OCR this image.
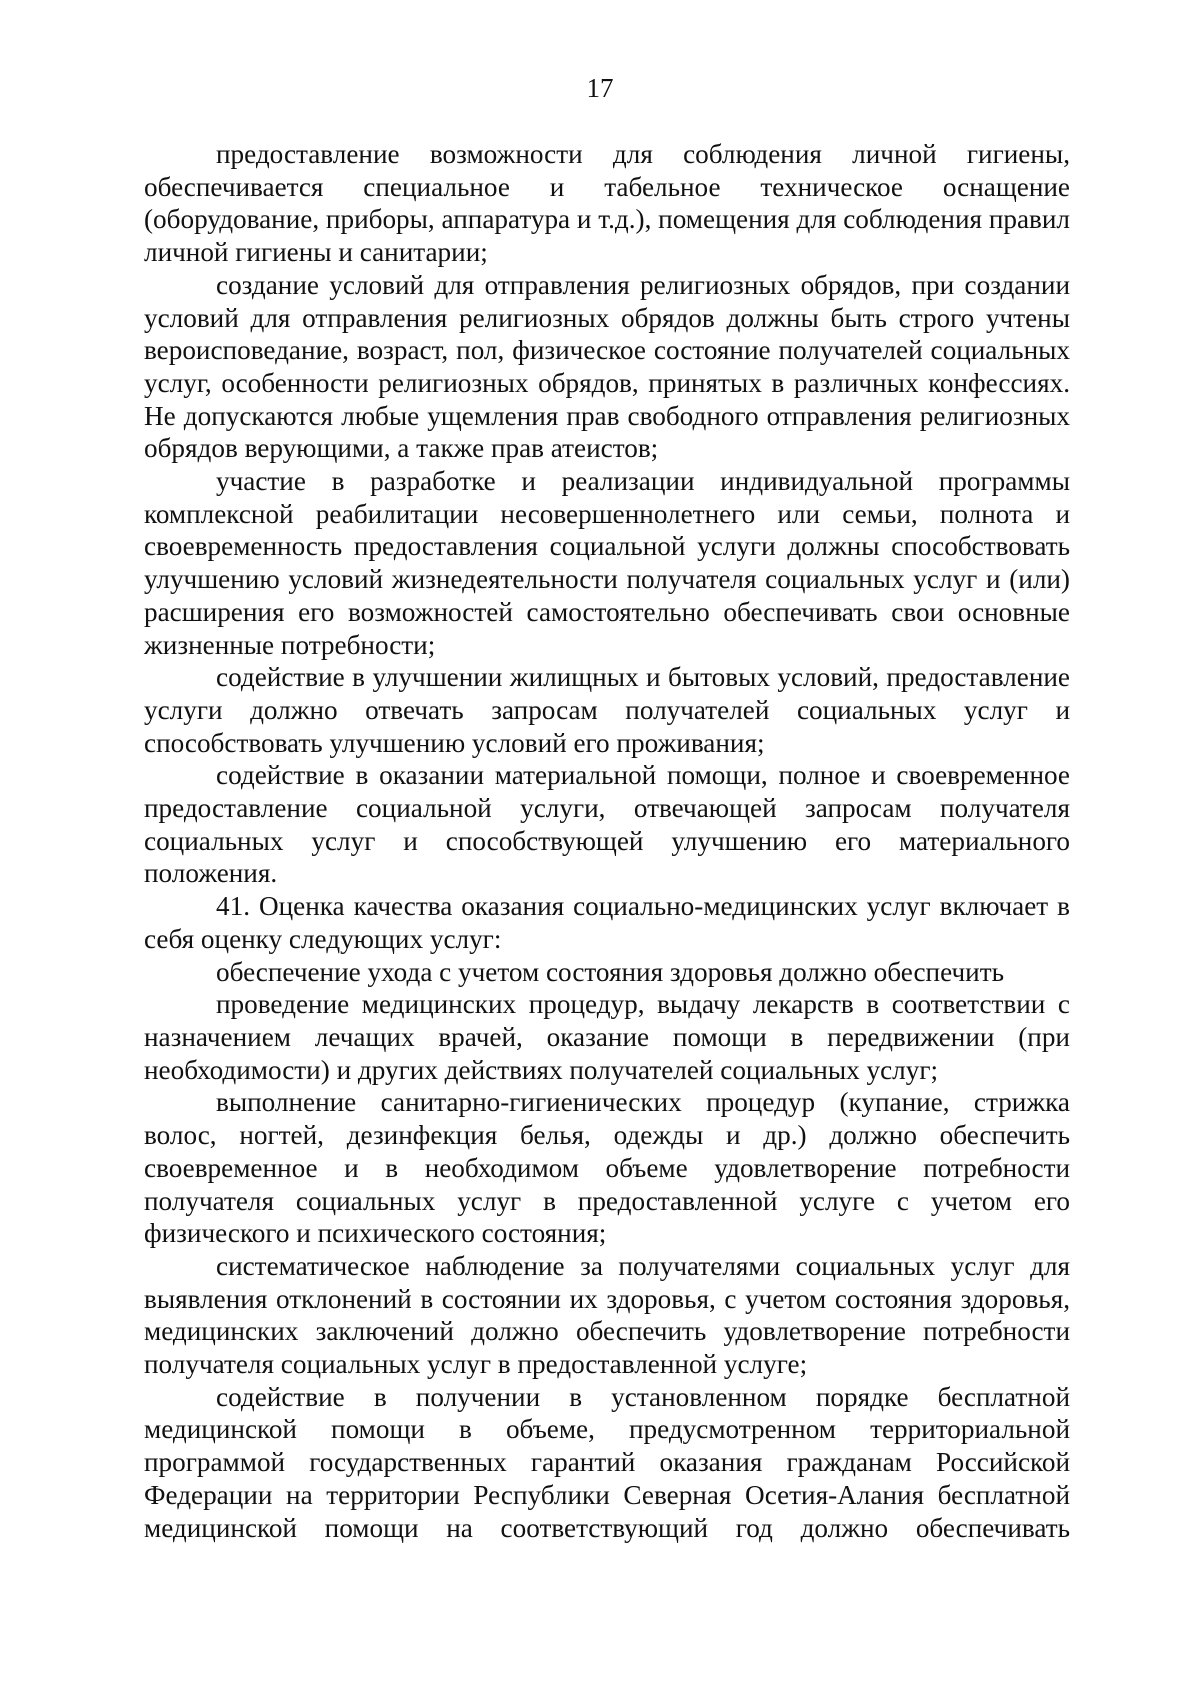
17

предоставление возможности для соблюдения личной гигиены, обеспечивается специальное и табельное техническое оснащение (оборудование, приборы, аппаратура и т.д.), помещения для соблюдения правил личной гигиены и санитарии;

создание условий для отправления религиозных обрядов, при создании условий для отправления религиозных обрядов должны быть строго учтены вероисповедание, возраст, пол, физическое состояние получателей социальных услуг, особенности религиозных обрядов, принятых в различных конфессиях. Не допускаются любые ущемления прав свободного отправления религиозных обрядов верующими, а также прав атеистов;

участие в разработке и реализации индивидуальной программы комплексной реабилитации несовершеннолетнего или семьи, полнота и своевременность предоставления социальной услуги должны способствовать улучшению условий жизнедеятельности получателя социальных услуг и (или) расширения его возможностей самостоятельно обеспечивать свои основные жизненные потребности;

содействие в улучшении жилищных и бытовых условий, предоставление услуги должно отвечать запросам получателей социальных услуг и способствовать улучшению условий его проживания;

содействие в оказании материальной помощи, полное и своевременное предоставление социальной услуги, отвечающей запросам получателя социальных услуг и способствующей улучшению его материального положения.

41. Оценка качества оказания социально-медицинских услуг включает в себя оценку следующих услуг:

обеспечение ухода с учетом состояния здоровья должно обеспечить

проведение медицинских процедур, выдачу лекарств в соответствии с назначением лечащих врачей, оказание помощи в передвижении (при необходимости) и других действиях получателей социальных услуг;

выполнение санитарно-гигиенических процедур (купание, стрижка волос, ногтей, дезинфекция белья, одежды и др.) должно обеспечить своевременное и в необходимом объеме удовлетворение потребности получателя социальных услуг в предоставленной услуге с учетом его физического и психического состояния;

систематическое наблюдение за получателями социальных услуг для выявления отклонений в состоянии их здоровья, с учетом состояния здоровья, медицинских заключений должно обеспечить удовлетворение потребности получателя социальных услуг в предоставленной услуге;

содействие в получении в установленном порядке бесплатной медицинской помощи в объеме, предусмотренном территориальной программой государственных гарантий оказания гражданам Российской Федерации на территории Республики Северная Осетия-Алания бесплатной медицинской помощи на соответствующий год должно обеспечивать
